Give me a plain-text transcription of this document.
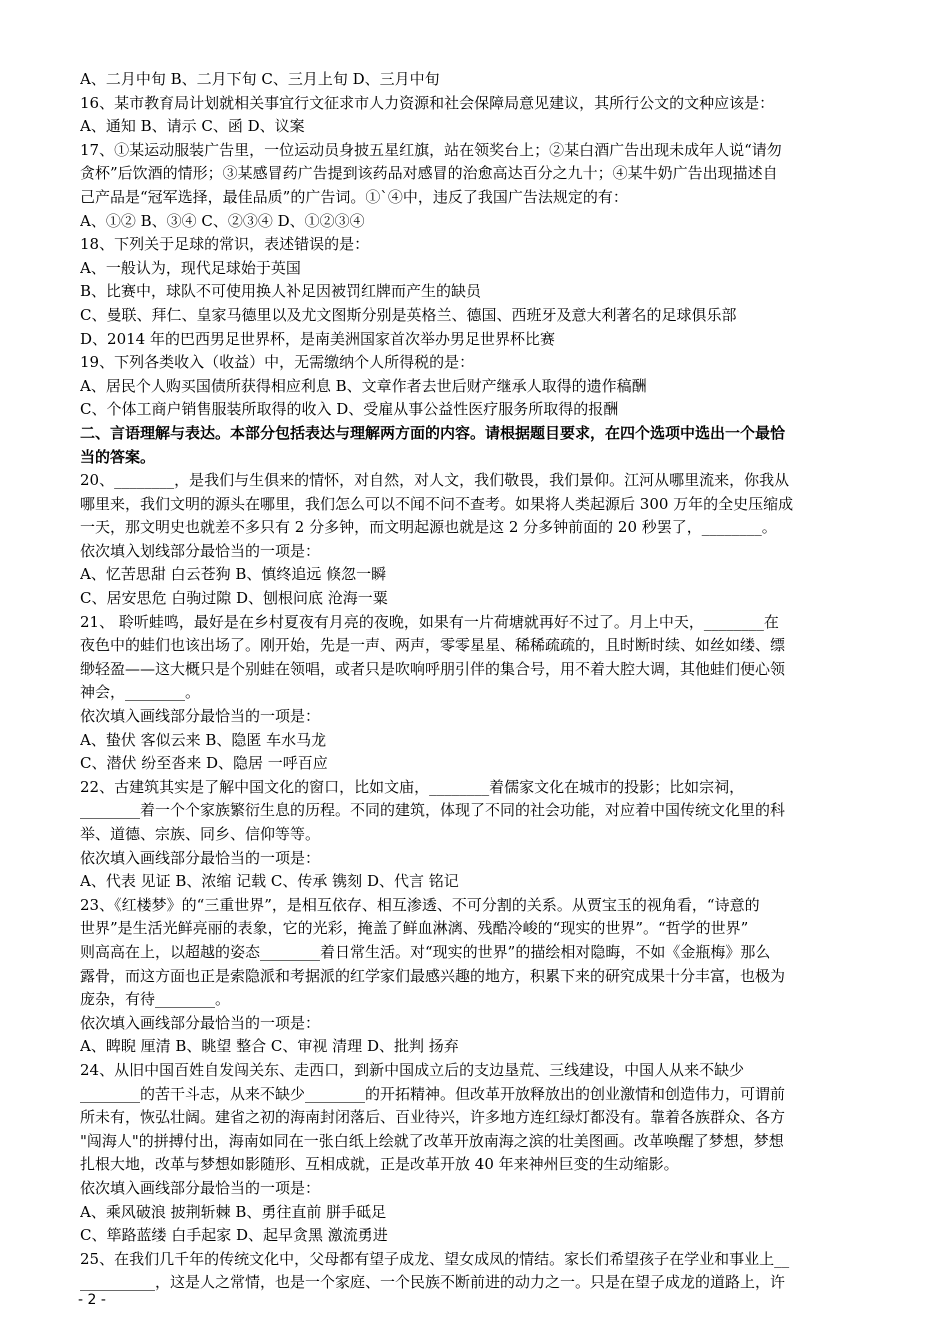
A、二月中旬 B、二月下旬 C、三月上旬 D、三月中旬
16、某市教育局计划就相关事宜行文征求市人力资源和社会保障局意见建议，其所行公文的文种应该是：
A、通知 B、请示 C、函 D、议案
17、①某运动服装广告里，一位运动员身披五星红旗，站在领奖台上；②某白酒广告出现未成年人说“请勿
贪杯”后饮酒的情形；③某感冒药广告提到该药品对感冒的治愈高达百分之九十；④某牛奶广告出现描述自
己产品是“冠军选择，最佳品质”的广告词。①`④中，违反了我国广告法规定的有：
A、①② B、③④ C、②③④ D、①②③④
18、下列关于足球的常识，表述错误的是：
A、一般认为，现代足球始于英国
B、比赛中，球队不可使用换人补足因被罚红牌而产生的缺员
C、曼联、拜仁、皇家马德里以及尤文图斯分别是英格兰、德国、西班牙及意大利著名的足球俱乐部
D、2014 年的巴西男足世界杯，是南美洲国家首次举办男足世界杯比赛
19、下列各类收入（收益）中，无需缴纳个人所得税的是：
A、居民个人购买国债所获得相应利息 B、文章作者去世后财产继承人取得的遗作稿酬
C、个体工商户销售服装所取得的收入 D、受雇从事公益性医疗服务所取得的报酬
二、言语理解与表达。本部分包括表达与理解两方面的内容。请根据题目要求，在四个选项中选出一个最恰
当的答案。
20、________，是我们与生俱来的情怀，对自然，对人文，我们敬畏，我们景仰。江河从哪里流来，你我从
哪里来，我们文明的源头在哪里，我们怎么可以不闻不问不查考。如果将人类起源后 300 万年的全史压缩成
一天，那文明史也就差不多只有 2 分多钟，而文明起源也就是这 2 分多钟前面的 20 秒罢了，________。
依次填入划线部分最恰当的一项是：
A、忆苦思甜 白云苍狗 B、慎终追远 倏忽一瞬
C、居安思危 白驹过隙 D、刨根问底 沧海一粟
21、 聆听蛙鸣，最好是在乡村夏夜有月亮的夜晚，如果有一片荷塘就再好不过了。月上中天，________在
夜色中的蛙们也该出场了。刚开始，先是一声、两声，零零星星、稀稀疏疏的，且时断时续、如丝如缕、缥
缈轻盈——这大概只是个别蛙在领唱，或者只是吹响呼朋引伴的集合号，用不着大腔大调，其他蛙们便心领
神会，________。
依次填入画线部分最恰当的一项是：
A、蛰伏 客似云来 B、隐匿 车水马龙
C、潜伏 纷至沓来 D、隐居 一呼百应
22、古建筑其实是了解中国文化的窗口，比如文庙，________着儒家文化在城市的投影；比如宗祠，
________着一个个家族繁衍生息的历程。不同的建筑，体现了不同的社会功能，对应着中国传统文化里的科
举、道德、宗族、同乡、信仰等等。
依次填入画线部分最恰当的一项是：
A、代表 见证 B、浓缩 记载 C、传承 镌刻 D、代言 铭记
23、《红楼梦》的“三重世界”，是相互依存、相互渗透、不可分割的关系。从贾宝玉的视角看，“诗意的
世界”是生活光鲜亮丽的表象，它的光彩，掩盖了鲜血淋漓、残酷冷峻的“现实的世界”。“哲学的世界”
则高高在上，以超越的姿态________着日常生活。对“现实的世界”的描绘相对隐晦，不如《金瓶梅》那么
露骨，而这方面也正是索隐派和考据派的红学家们最感兴趣的地方，积累下来的研究成果十分丰富，也极为
庞杂，有待________。
依次填入画线部分最恰当的一项是：
A、睥睨 厘清 B、眺望 整合 C、审视 清理 D、批判 扬弃
24、从旧中国百姓自发闯关东、走西口，到新中国成立后的支边垦荒、三线建设，中国人从来不缺少
________的苦干斗志，从来不缺少________的开拓精神。但改革开放释放出的创业激情和创造伟力，可谓前
所未有，恢弘壮阔。建省之初的海南封闭落后、百业待兴，许多地方连红绿灯都没有。靠着各族群众、各方
"闯海人"的拼搏付出，海南如同在一张白纸上绘就了改革开放南海之滨的壮美图画。改革唤醒了梦想，梦想
扎根大地，改革与梦想如影随形、互相成就，正是改革开放 40 年来神州巨变的生动缩影。
依次填入画线部分最恰当的一项是：
A、乘风破浪 披荆斩棘 B、勇往直前 胼手砥足
C、筚路蓝缕 白手起家 D、起早贪黑 激流勇进
25、在我们几千年的传统文化中，父母都有望子成龙、望女成凤的情结。家长们希望孩子在学业和事业上__
__________，这是人之常情，也是一个家庭、一个民族不断前进的动力之一。只是在望子成龙的道路上，许
- 2 -
